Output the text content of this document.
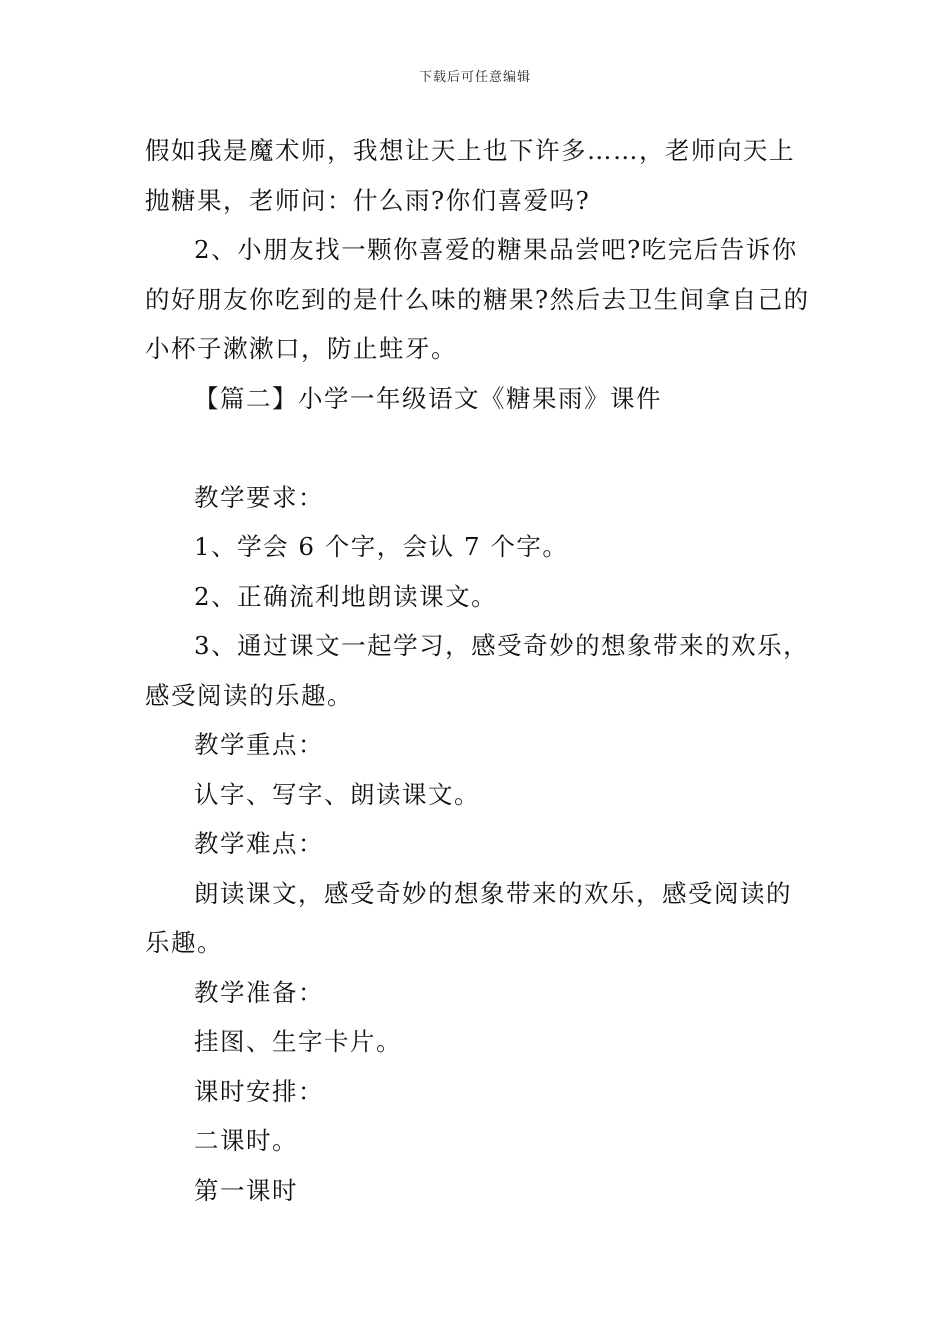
下载后可任意编辑

假如我是魔术师，我想让天上也下许多……，老师向天上抛糖果，老师问：什么雨?你们喜爱吗?

2、小朋友找一颗你喜爱的糖果品尝吧?吃完后告诉你的好朋友你吃到的是什么味的糖果?然后去卫生间拿自己的小杯子漱漱口，防止蛀牙。

【篇二】小学一年级语文《糖果雨》课件

教学要求：

1、学会 6 个字，会认 7 个字。

2、正确流利地朗读课文。

3、通过课文一起学习，感受奇妙的想象带来的欢乐，感受阅读的乐趣。

教学重点：

认字、写字、朗读课文。

教学难点：

朗读课文，感受奇妙的想象带来的欢乐，感受阅读的乐趣。

教学准备：

挂图、生字卡片。

课时安排：

二课时。

第一课时
